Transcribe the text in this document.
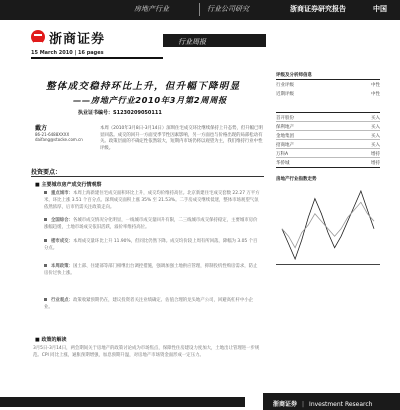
房地产行业	行业公司研究	浙商证券研究报告	中国
浙商证券	行业周报
15 March 2010 | 16 pages
整体成交稳持环比上升，但升幅下降明显
——房地产行业2010年3月第2周周报
执业证书编号：S1230209050111
戴方
86-21-6488XXXX
daifang@stocke.com.cn
本周（2010年3月8日-3月14日）深圳住宅成交环比继续保持上升态势，但升幅已明显回落。成交的回升一方面受季节性因素影响，另一方面也与价格出现的局部松动有关。政策层面的不确定性依然较大，短期内市场仍将以观望为主，我们维持行业中性评级。
投资要点：
■ 主要城市房产成交行情观察
重点城市：本周上海新建住宅成交面积环比上升，成交均价维持高位。北京新建住宅成交套数 22.27 万平方米，环比上涨 3.51 个百分点。深圳成交面积上涨 35% 至 21.53%。二手房成交继续低迷，整体市场观望气氛依然浓厚，后市仍需关注政策走向。
全国综合：各城市成交情况分化明显，一线城市成交量回升有限，二三线城市成交保持稳定，主要城市房价涨幅趋缓，土地市场成交依旧活跃，溢价率维持高位。
楼市成交：本周成交量环比上升 11.90%，但同比仍然下降。成交均价较上周有所回落，降幅为 3.05 个百分点。
本周政策：国土部、住建部等部门相继出台调控措施，强调加强土地供应管理，抑制投机性购房需求，防止房价过快上涨。
行业观点：政策收紧预期仍在，建议投资者关注业绩确定、估值合理的龙头地产公司，回避高杠杆中小企业。
■ 政策的解读
3月5日-3月14日，两会期间关于房地产的政策讨论成为市场焦点，保障性住房建设力度加大，土地出让管理进一步规范。CPI 同比上涨，通胀预期增强，加息预期升温，对房地产市场资金面形成一定压力。
评级及分析师信息
行业评级	中性
近期评级	中性
首开股份	买入
保利地产	买入
金地集团	买入
招商地产	买入
万科A	增持
华侨城	增持
房地产行业指数走势
浙商证券 | Investment Research
